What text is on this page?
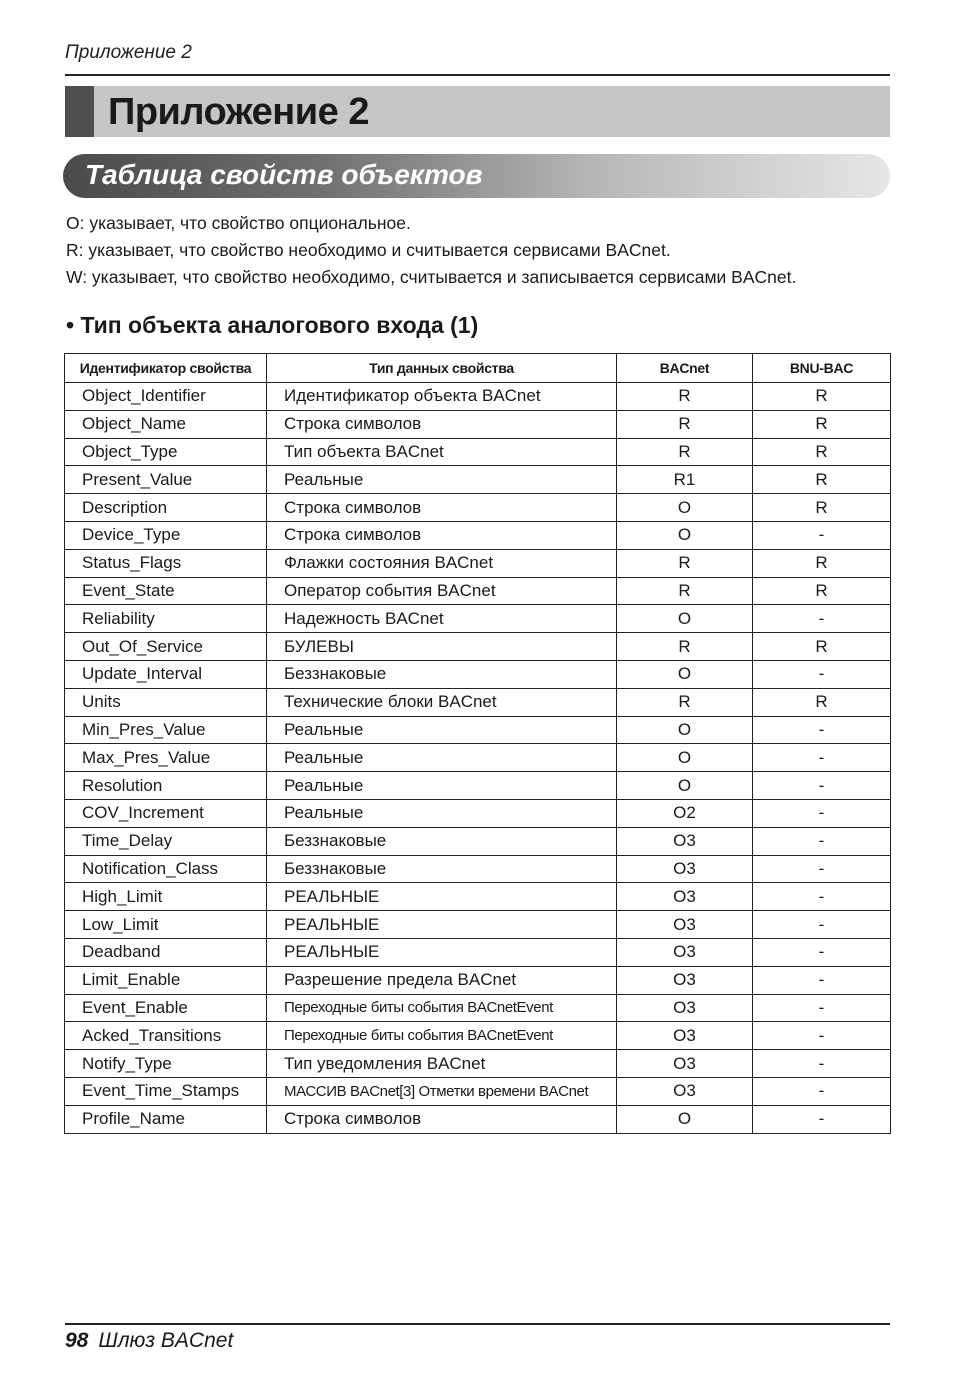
Приложение 2
Приложение 2
Таблица свойств объектов
O: указывает, что свойство опциональное.
R: указывает, что свойство необходимо и считывается сервисами BACnet.
W: указывает, что свойство необходимо, считывается и записывается сервисами BACnet.
• Тип объекта аналогового входа (1)
Идентификатор свойства	Тип данных свойства	BACnet	BNU-BAC
Object_Identifier	Идентификатор объекта BACnet	R	R
Object_Name	Строка символов	R	R
Object_Type	Тип объекта BACnet	R	R
Present_Value	Реальные	R1	R
Description	Строка символов	O	R
Device_Type	Строка символов	O	-
Status_Flags	Флажки состояния BACnet	R	R
Event_State	Оператор события BACnet	R	R
Reliability	Надежность BACnet	O	-
Out_Of_Service	БУЛЕВЫ	R	R
Update_Interval	Беззнаковые	O	-
Units	Технические блоки BACnet	R	R
Min_Pres_Value	Реальные	O	-
Max_Pres_Value	Реальные	O	-
Resolution	Реальные	O	-
COV_Increment	Реальные	O2	-
Time_Delay	Беззнаковые	O3	-
Notification_Class	Беззнаковые	O3	-
High_Limit	РЕАЛЬНЫЕ	O3	-
Low_Limit	РЕАЛЬНЫЕ	O3	-
Deadband	РЕАЛЬНЫЕ	O3	-
Limit_Enable	Разрешение предела BACnet	O3	-
Event_Enable	Переходные биты события BACnetEvent	O3	-
Acked_Transitions	Переходные биты события BACnetEvent	O3	-
Notify_Type	Тип уведомления BACnet	O3	-
Event_Time_Stamps	МАССИВ BACnet[3] Отметки времени BACnet	O3	-
Profile_Name	Строка символов	O	-
98 Шлюз BACnet
